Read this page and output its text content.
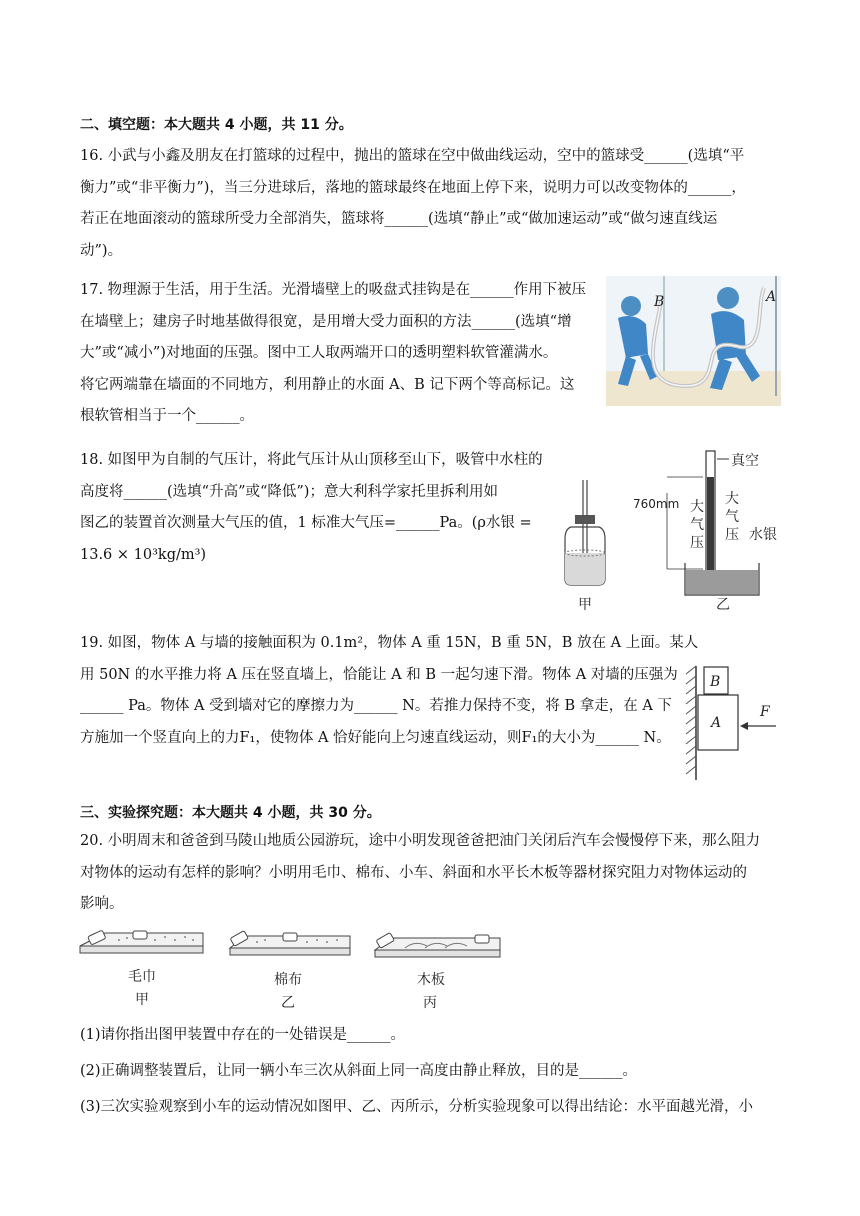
二、填空题：本大题共 4 小题，共 11 分。
16. 小武与小鑫及朋友在打篮球的过程中，抛出的篮球在空中做曲线运动，空中的篮球受______(选填“平
衡力”或“非平衡力”)，当三分进球后，落地的篮球最终在地面上停下来，说明力可以改变物体的______，
若正在地面滚动的篮球所受力全部消失，篮球将______(选填“静止”或“做加速运动”或“做匀速直线运
动”)。
17. 物理源于生活，用于生活。光滑墙壁上的吸盘式挂钩是在______作用下被压
在墙壁上；建房子时地基做得很宽，是用增大受力面积的方法______(选填“增
大”或“减小”)对地面的压强。图中工人取两端开口的透明塑料软管灌满水。
将它两端靠在墙面的不同地方，利用静止的水面 A、B 记下两个等高标记。这
根软管相当于一个______。
B	A
18. 如图甲为自制的气压计，将此气压计从山顶移至山下，吸管中水柱的
高度将______(选填“升高”或“降低”)；意大利科学家托里拆利用如
图乙的装置首次测量大气压的值，1 标准大气压=______Pa。(ρ水银 =
13.6 × 10³kg/m³)
甲
真空
760mm 大
气
压
大
气
压 水银
乙
19. 如图，物体 A 与墙的接触面积为 0.1m²，物体 A 重 15N，B 重 5N，B 放在 A 上面。某人
用 50N 的水平推力将 A 压在竖直墙上，恰能让 A 和 B 一起匀速下滑。物体 A 对墙的压强为
______ Pa。物体 A 受到墙对它的摩擦力为______ N。若推力保持不变，将 B 拿走，在 A 下
方施加一个竖直向上的力F₁，使物体 A 恰好能向上匀速直线运动，则F₁的大小为______ N。
B
A
F
三、实验探究题：本大题共 4 小题，共 30 分。
20. 小明周末和爸爸到马陵山地质公园游玩，途中小明发现爸爸把油门关闭后汽车会慢慢停下来，那么阻力
对物体的运动有怎样的影响？小明用毛巾、棉布、小车、斜面和水平长木板等器材探究阻力对物体运动的
影响。
毛巾
甲
棉布
乙
木板
丙
(1)请你指出图甲装置中存在的一处错误是______。
(2)正确调整装置后，让同一辆小车三次从斜面上同一高度由静止释放，目的是______。
(3)三次实验观察到小车的运动情况如图甲、乙、丙所示，分析实验现象可以得出结论：水平面越光滑，小
